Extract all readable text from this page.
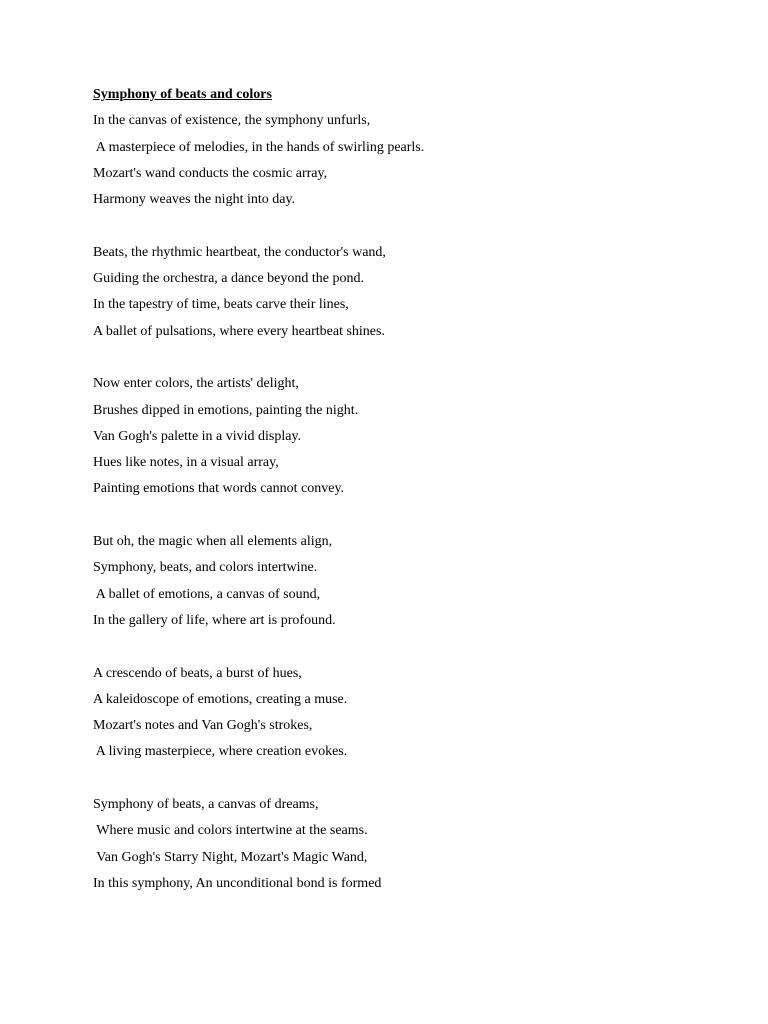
Symphony of beats and colors
In the canvas of existence, the symphony unfurls,
A masterpiece of melodies, in the hands of swirling pearls.
Mozart's wand conducts the cosmic array,
Harmony weaves the night into day.
Beats, the rhythmic heartbeat, the conductor's wand,
Guiding the orchestra, a dance beyond the pond.
In the tapestry of time, beats carve their lines,
A ballet of pulsations, where every heartbeat shines.
Now enter colors, the artists' delight,
Brushes dipped in emotions, painting the night.
Van Gogh's palette in a vivid display.
Hues like notes, in a visual array,
Painting emotions that words cannot convey.
But oh, the magic when all elements align,
Symphony, beats, and colors intertwine.
A ballet of emotions, a canvas of sound,
In the gallery of life, where art is profound.
A crescendo of beats, a burst of hues,
A kaleidoscope of emotions, creating a muse.
Mozart's notes and Van Gogh's strokes,
A living masterpiece, where creation evokes.
Symphony of beats, a canvas of dreams,
Where music and colors intertwine at the seams.
Van Gogh's Starry Night, Mozart's Magic Wand,
In this symphony, An unconditional bond is formed
